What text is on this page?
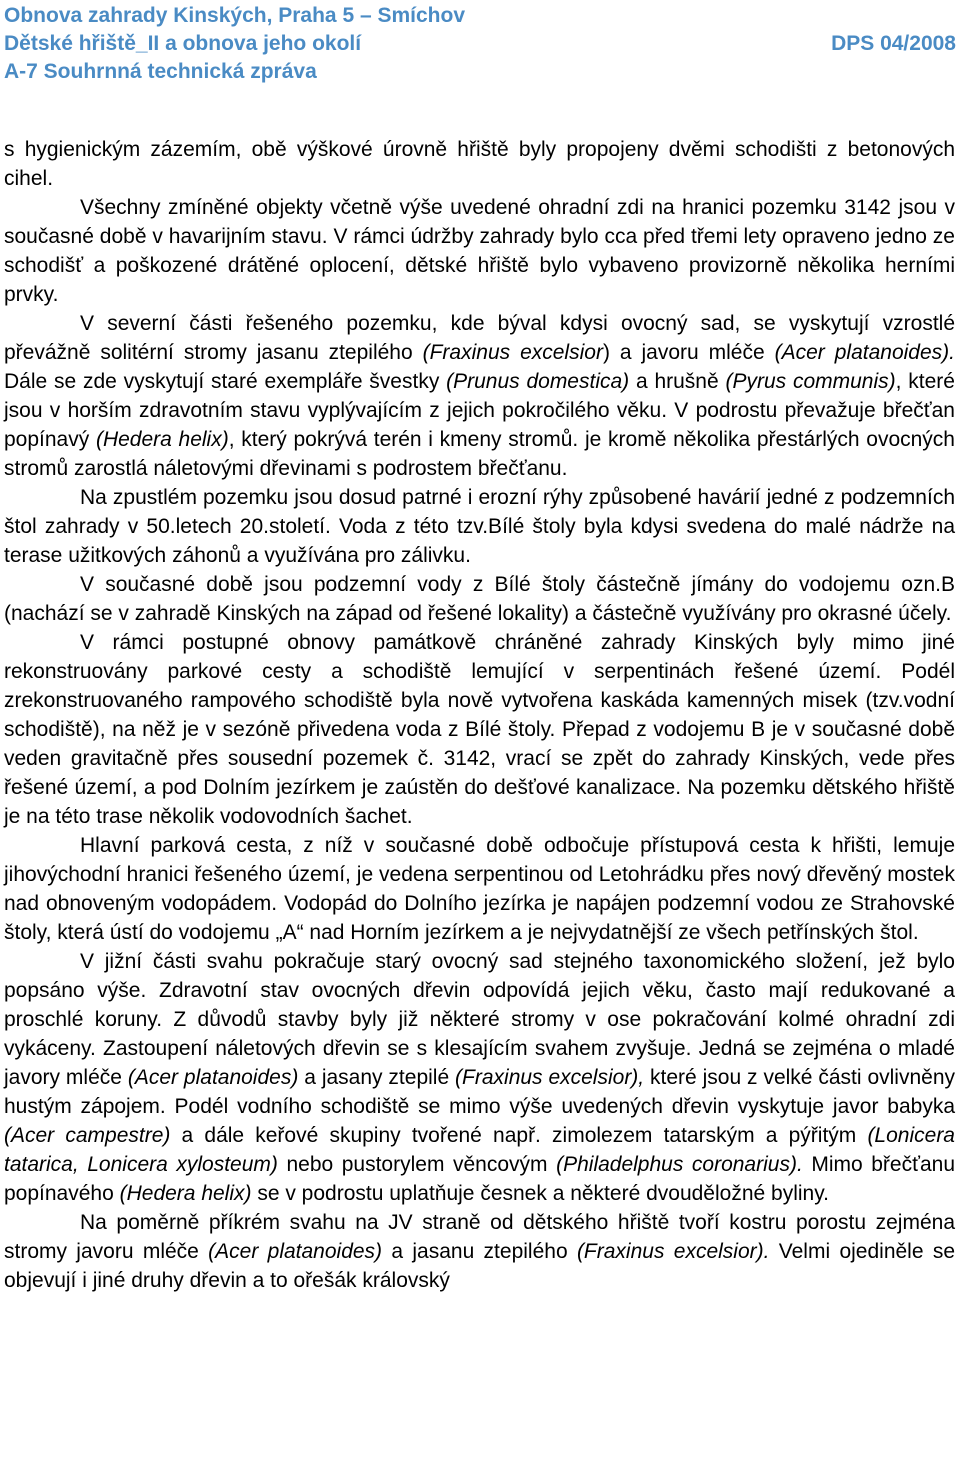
Obnova zahrady Kinských, Praha 5 – Smíchov
Dětské hřiště_II a obnova jeho okolí	DPS 04/2008
A-7 Souhrnná technická zpráva

s hygienickým zázemím, obě výškové úrovně hřiště byly propojeny dvěmi schodišti z betonových cihel.

Všechny zmíněné objekty včetně výše uvedené ohradní zdi na hranici pozemku 3142 jsou v současné době v havarijním stavu. V rámci údržby zahrady bylo cca před třemi lety opraveno jedno ze schodišť a poškozené drátěné oplocení, dětské hřiště bylo vybaveno provizorně několika herními prvky.

V severní části řešeného pozemku, kde býval kdysi ovocný sad, se vyskytují vzrostlé převážně solitérní stromy jasanu ztepilého (Fraxinus excelsior) a javoru mléče (Acer platanoides). Dále se zde vyskytují staré exempláře švestky (Prunus domestica) a hrušně (Pyrus communis), které jsou v horším zdravotním stavu vyplývajícím z jejich pokročilého věku. V podrostu převažuje břečťan popínavý (Hedera helix), který pokrývá terén i kmeny stromů. je kromě několika přestárlých ovocných stromů zarostlá náletovými dřevinami s podrostem břečťanu.

Na zpustlém pozemku jsou dosud patrné i erozní rýhy způsobené havárií jedné z podzemních štol zahrady v 50.letech 20.století. Voda z této tzv.Bílé štoly byla kdysi svedena do malé nádrže na terase užitkových záhonů a využívána pro zálivku.

V současné době jsou podzemní vody z Bílé štoly částečně jímány do vodojemu ozn.B (nachází se v zahradě Kinských na západ od řešené lokality) a částečně využívány pro okrasné účely.

V rámci postupné obnovy památkově chráněné zahrady Kinských byly mimo jiné rekonstruovány parkové cesty a schodiště lemující v serpentinách řešené území. Podél zrekonstruovaného rampového schodiště byla nově vytvořena kaskáda kamenných misek (tzv.vodní schodiště), na něž je v sezóně přivedena voda z Bílé štoly. Přepad z vodojemu B je v současné době veden gravitačně přes sousední pozemek č. 3142, vrací se zpět do zahrady Kinských, vede přes řešené území, a pod Dolním jezírkem je zaústěn do dešťové kanalizace. Na pozemku dětského hřiště je na této trase několik vodovodních šachet.

Hlavní parková cesta, z níž v současné době odbočuje přístupová cesta k hřišti, lemuje jihovýchodní hranici řešeného území, je vedena serpentinou od Letohrádku přes nový dřevěný mostek nad obnoveným vodopádem. Vodopád do Dolního jezírka je napájen podzemní vodou ze Strahovské štoly, která ústí do vodojemu „A“ nad Horním jezírkem a je nejvydatnější ze všech petřínských štol.

V jižní části svahu pokračuje starý ovocný sad stejného taxonomického složení, jež bylo popsáno výše. Zdravotní stav ovocných dřevin odpovídá jejich věku, často mají redukované a proschlé koruny. Z důvodů stavby byly již některé stromy v ose pokračování kolmé ohradní zdi vykáceny. Zastoupení náletových dřevin se s klesajícím svahem zvyšuje. Jedná se zejména o mladé javory mléče (Acer platanoides) a jasany ztepilé (Fraxinus excelsior), které jsou z velké části ovlivněny hustým zápojem. Podél vodního schodiště se mimo výše uvedených dřevin vyskytuje javor babyka (Acer campestre) a dále keřové skupiny tvořené např. zimolezem tatarským a pýřitým (Lonicera tatarica, Lonicera xylosteum) nebo pustorylem věncovým (Philadelphus coronarius). Mimo břečťanu popínavého (Hedera helix) se v podrostu uplatňuje česnek a některé dvouděložné byliny.

Na poměrně příkrém svahu na JV straně od dětského hřiště tvoří kostru porostu zejména stromy javoru mléče (Acer platanoides) a jasanu ztepilého (Fraxinus excelsior). Velmi ojediněle se objevují i jiné druhy dřevin a to ořešák královský
